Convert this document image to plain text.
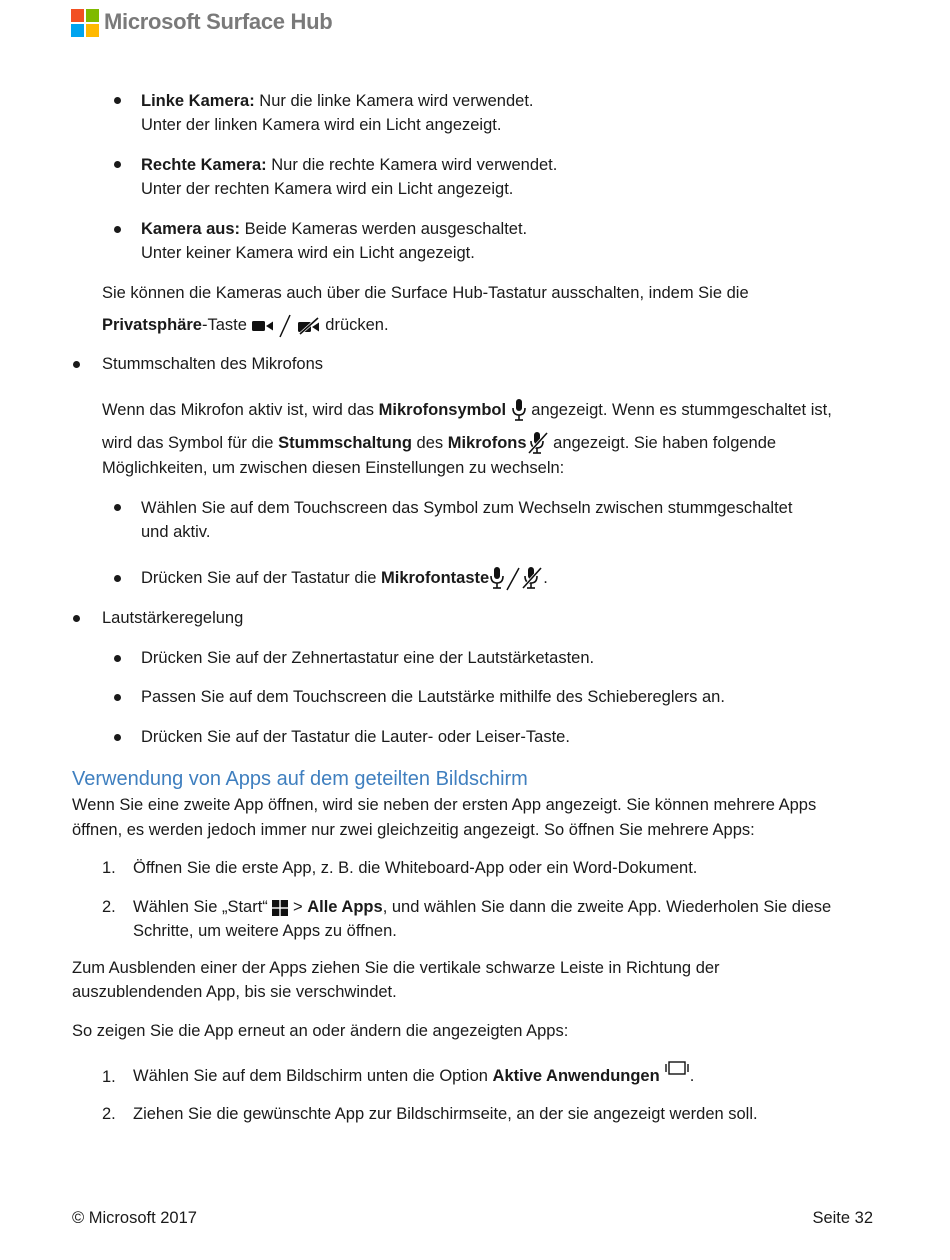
Microsoft Surface Hub
Linke Kamera: Nur die linke Kamera wird verwendet.
Unter der linken Kamera wird ein Licht angezeigt.
Rechte Kamera: Nur die rechte Kamera wird verwendet.
Unter der rechten Kamera wird ein Licht angezeigt.
Kamera aus: Beide Kameras werden ausgeschaltet.
Unter keiner Kamera wird ein Licht angezeigt.
Sie können die Kameras auch über die Surface Hub-Tastatur ausschalten, indem Sie die
Privatsphäre-Taste

	drücken.
Stummschalten des Mikrofons
Wenn das Mikrofon aktiv ist, wird das Mikrofonsymbol
angezeigt. Wenn es stummgeschaltet ist,
wird das Symbol für die Stummschaltung des Mikrofons
angezeigt. Sie haben folgende
Möglichkeiten, um zwischen diesen Einstellungen zu wechseln:
Wählen Sie auf dem Touchscreen das Symbol zum Wechseln zwischen stummgeschaltet
und aktiv.
Drücken Sie auf der Tastatur die Mikrofontaste	.
Lautstärkeregelung
Drücken Sie auf der Zehnertastatur eine der Lautstärketasten.
Passen Sie auf dem Touchscreen die Lautstärke mithilfe des Schiebereglers an.
Drücken Sie auf der Tastatur die Lauter- oder Leiser-Taste.
Verwendung von Apps auf dem geteilten Bildschirm
Wenn Sie eine zweite App öffnen, wird sie neben der ersten App angezeigt. Sie können mehrere Apps
öffnen, es werden jedoch immer nur zwei gleichzeitig angezeigt. So öffnen Sie mehrere Apps:
1. Öffnen Sie die erste App, z. B. die Whiteboard-App oder ein Word-Dokument.
2. Wählen Sie „Start“
> Alle Apps, und wählen Sie dann die zweite App. Wiederholen Sie diese
Schritte, um weitere Apps zu öffnen.
Zum Ausblenden einer der Apps ziehen Sie die vertikale schwarze Leiste in Richtung der
auszublendenden App, bis sie verschwindet.
So zeigen Sie die App erneut an oder ändern die angezeigten Apps:
1. Wählen Sie auf dem Bildschirm unten die Option Aktive Anwendungen .
2. Ziehen Sie die gewünschte App zur Bildschirmseite, an der sie angezeigt werden soll.
© Microsoft 2017	Seite 32
